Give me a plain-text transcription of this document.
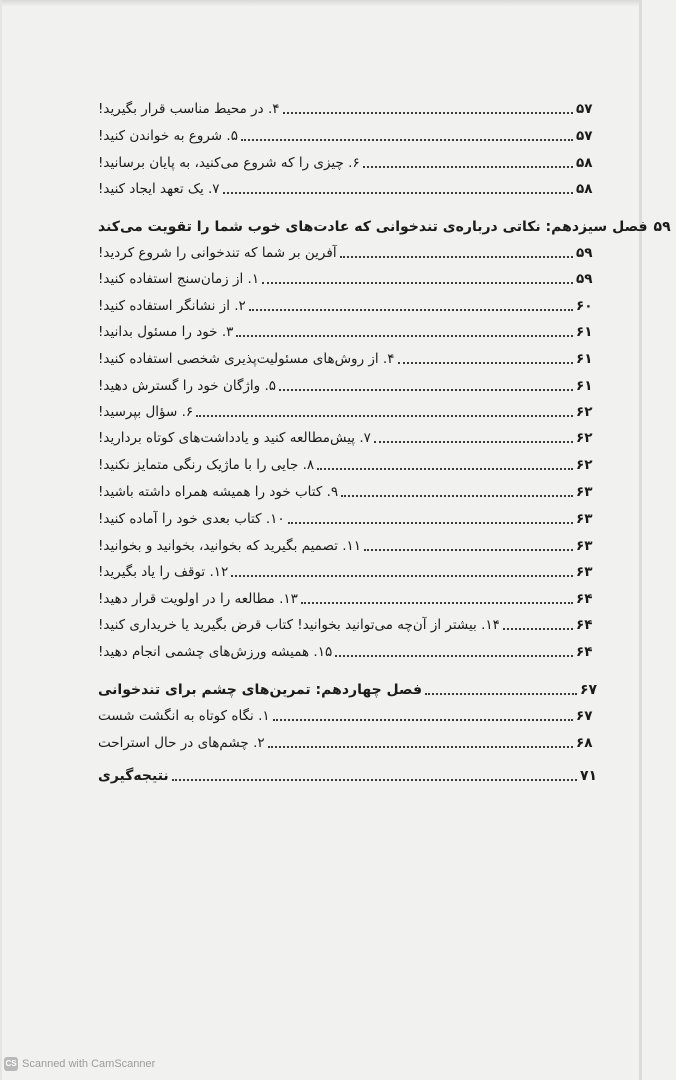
۴. در محیط مناسب قرار بگیرید!	۵۷
۵. شروع به خواندن کنید!	۵۷
۶. چیزی را که شروع می‌کنید، به پایان برسانید!	۵۸
۷. یک تعهد ایجاد کنید!	۵۸
فصل سیزدهم: نکاتی درباره‌ی تندخوانی که عادت‌های خوب شما را تقویت می‌کند ۵۹
آفرین بر شما که تندخوانی را شروع کردید!	۵۹
۱. از زمان‌سنج استفاده کنید!	۵۹
۲. از نشانگر استفاده کنید!	۶۰
۳. خود را مسئول بدانید!	۶۱
۴. از روش‌های مسئولیت‌پذیری شخصی استفاده کنید!	۶۱
۵. واژگان خود را گسترش دهید!	۶۱
۶. سؤال بپرسید!	۶۲
۷. پیش‌مطالعه کنید و یادداشت‌های کوتاه بردارید!	۶۲
۸. جایی را با ماژیک رنگی متمایز نکنید!	۶۲
۹. کتاب خود را همیشه همراه داشته باشید!	۶۳
۱۰. کتاب بعدی خود را آماده کنید!	۶۳
۱۱. تصمیم بگیرید که بخوانید، بخوانید و بخوانید!	۶۳
۱۲. توقف را یاد بگیرید!	۶۳
۱۳. مطالعه را در اولویت قرار دهید!	۶۴
۱۴. بیشتر از آن‌چه می‌توانید بخوانید! کتاب قرض بگیرید یا خریداری کنید!	۶۴
۱۵. همیشه ورزش‌های چشمی انجام دهید!	۶۴
فصل چهاردهم: تمرین‌های چشم برای تندخوانی	۶۷
۱. نگاه کوتاه به انگشت شست	۶۷
۲. چشم‌های در حال استراحت	۶۸
نتیجه‌گیری	۷۱
CS Scanned with CamScanner
